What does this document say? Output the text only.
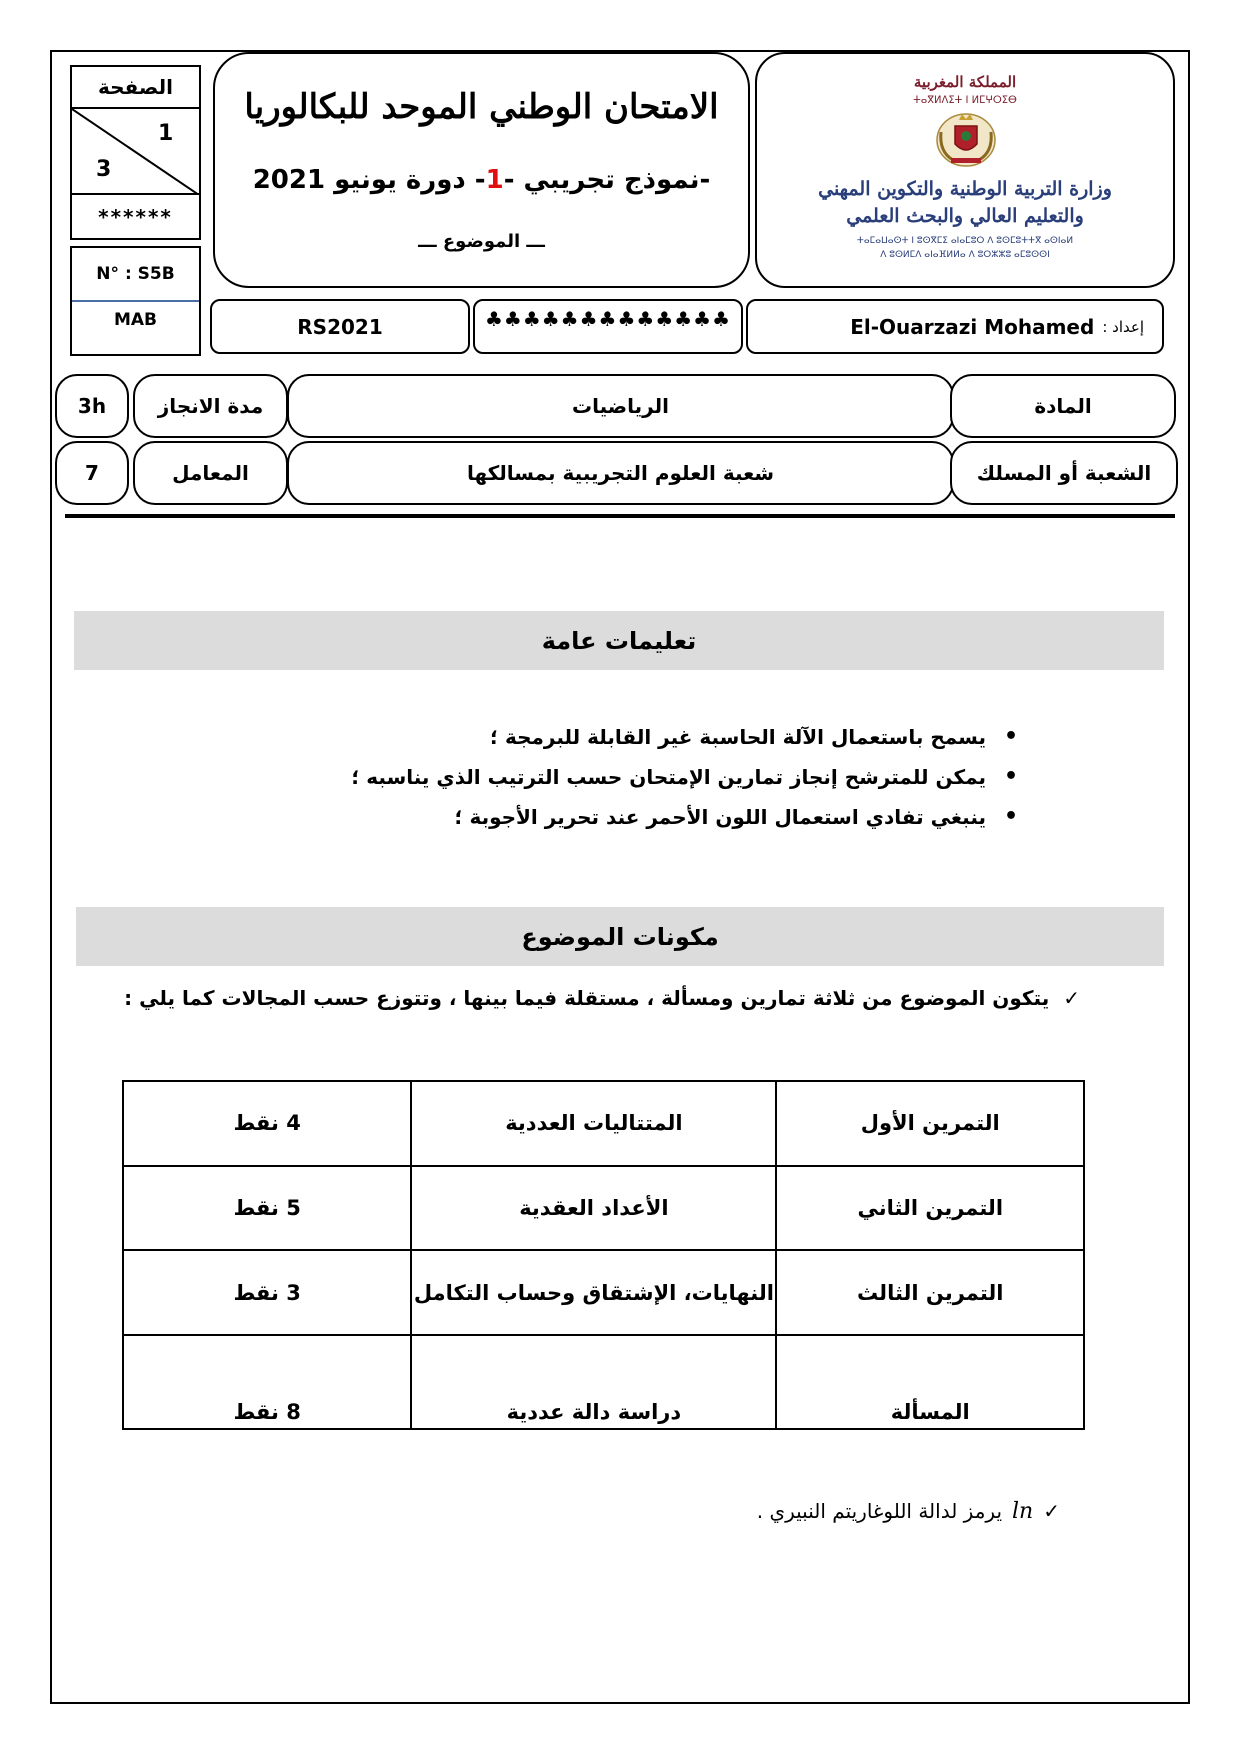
الصفحة
1
3
******
N° : S5B
MAB
الامتحان الوطني الموحد للبكالوريا
-نموذج تجريبي -
1
- دورة يونيو 2021
ـــ الموضوع ـــ
المملكة المغربية
ⵜⴰⴳⵍⴷⵉⵜ ⵏ ⵍⵎⵖⵔⵉⴱ
وزارة التربية الوطنية والتكوين المهني
والتعليم العالي والبحث العلمي
ⵜⴰⵎⴰⵡⴰⵙⵜ ⵏ ⵓⵙⴳⵎⵉ ⴰⵏⴰⵎⵓⵔ ⴷ ⵓⵙⵎⵓⵜⵜⴳ ⴰⵙⵏⴰⵍ
ⴷ ⵓⵙⵍⵎⴷ ⴰⵏⴰⴼⵍⵍⴰ ⴷ ⵓⵔⵣⵣⵓ ⴰⵎⵓⵙⵙⵏ
RS2021	♣♣♣♣♣♣♣♣♣♣♣♣♣	El-Ouarzazi Mohamed إعداد :
3h	مدة الانجاز	الرياضيات	المادة
7	المعامل	شعبة العلوم التجريبية بمسالكها	الشعبة أو المسلك
تعليمات عامة
• يسمح باستعمال الآلة الحاسبة غير القابلة للبرمجة ؛
• يمكن للمترشح إنجاز تمارين الإمتحان حسب الترتيب الذي يناسبه ؛
• ينبغي تفادي استعمال اللون الأحمر عند تحرير الأجوبة ؛
مكونات الموضوع
يتكون الموضوع من ثلاثة تمارين ومسألة ، مستقلة فيما بينها ، وتتوزع حسب المجالات كما يلي : ✓
التمرين الأول	المتتاليات العددية	4 نقط
التمرين الثاني	الأعداد العقدية	5 نقط
التمرين الثالث	النهايات، الإشتقاق وحساب التكامل	3 نقط
المسألة	دراسة دالة عددية	8 نقط
يرمز لدالة اللوغاريتم النبيري . ln ✓
